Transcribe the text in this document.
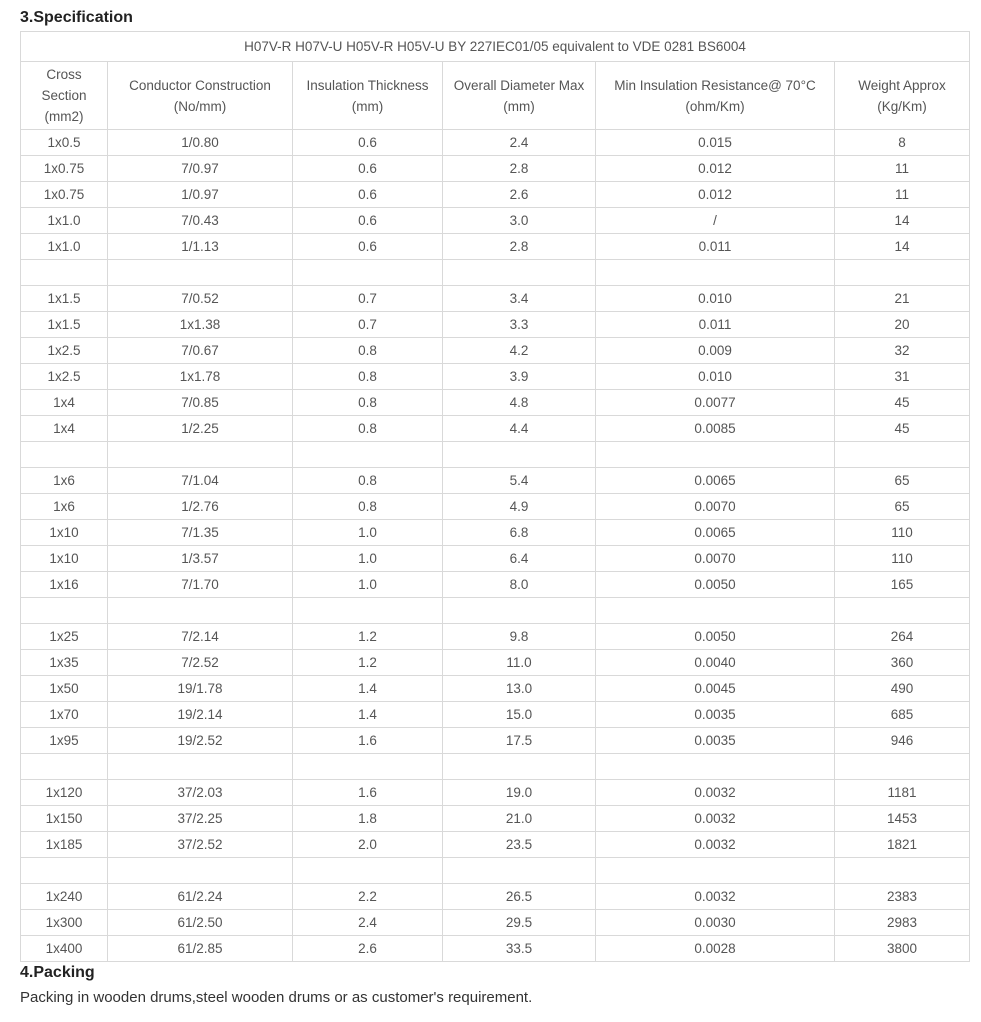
3.Specification
H07V-R H07V-U H05V-R H05V-U BY 227IEC01/05 equivalent to VDE 0281 BS6004					
Cross Section (mm2)	Conductor Construction (No/mm)	Insulation Thickness (mm)	Overall Diameter Max (mm)	Min Insulation Resistance@ 70°C (ohm/Km)	Weight Approx (Kg/Km)
1x0.5	1/0.80	0.6	2.4	0.015	8
1x0.75	7/0.97	0.6	2.8	0.012	11
1x0.75	1/0.97	0.6	2.6	0.012	11
1x1.0	7/0.43	0.6	3.0	/	14
1x1.0	1/1.13	0.6	2.8	0.011	14

1x1.5	7/0.52	0.7	3.4	0.010	21
1x1.5	1x1.38	0.7	3.3	0.011	20
1x2.5	7/0.67	0.8	4.2	0.009	32
1x2.5	1x1.78	0.8	3.9	0.010	31
1x4	7/0.85	0.8	4.8	0.0077	45
1x4	1/2.25	0.8	4.4	0.0085	45

1x6	7/1.04	0.8	5.4	0.0065	65
1x6	1/2.76	0.8	4.9	0.0070	65
1x10	7/1.35	1.0	6.8	0.0065	110
1x10	1/3.57	1.0	6.4	0.0070	110
1x16	7/1.70	1.0	8.0	0.0050	165

1x25	7/2.14	1.2	9.8	0.0050	264
1x35	7/2.52	1.2	11.0	0.0040	360
1x50	19/1.78	1.4	13.0	0.0045	490
1x70	19/2.14	1.4	15.0	0.0035	685
1x95	19/2.52	1.6	17.5	0.0035	946

1x120	37/2.03	1.6	19.0	0.0032	1181
1x150	37/2.25	1.8	21.0	0.0032	1453
1x185	37/2.52	2.0	23.5	0.0032	1821

1x240	61/2.24	2.2	26.5	0.0032	2383
1x300	61/2.50	2.4	29.5	0.0030	2983
1x400	61/2.85	2.6	33.5	0.0028	3800
4.Packing
Packing in wooden drums,steel wooden drums or as customer's requirement.
